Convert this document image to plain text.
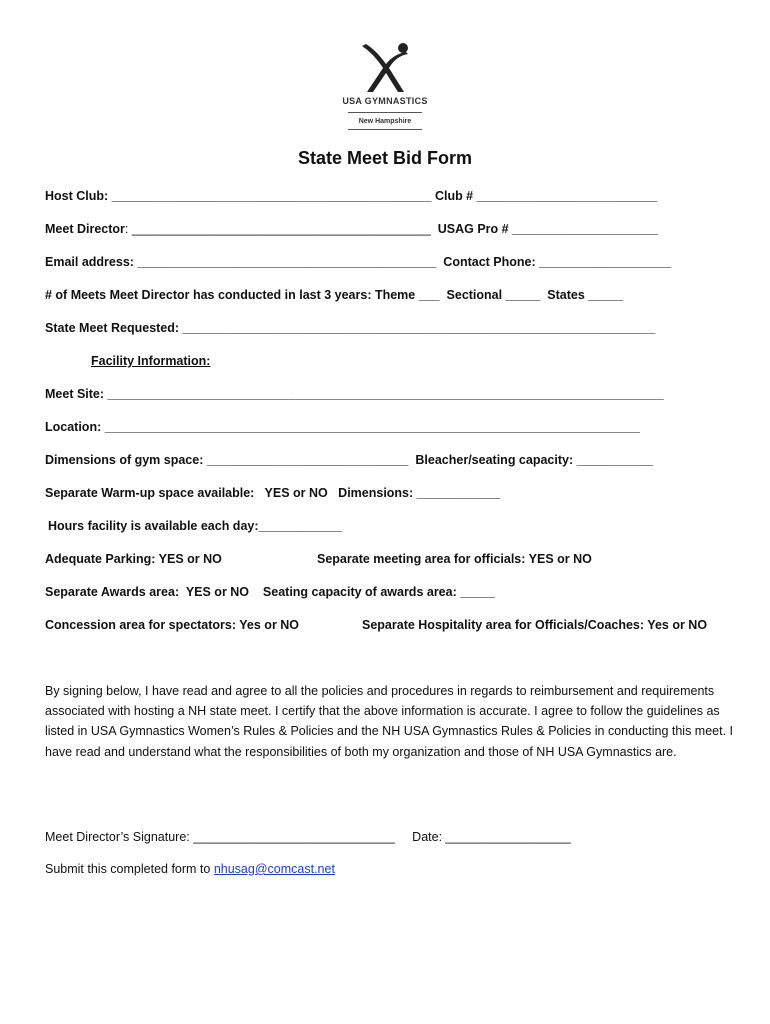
USA GYMNASTICS
New Hampshire
State Meet Bid Form
Host Club: ______________________________________________ Club # __________________________
Meet Director: ___________________________________________ USAG Pro # _____________________
Email address: ___________________________________________ Contact Phone: ___________________
# of Meets Meet Director has conducted in last 3 years: Theme ___  Sectional _____  States _____
State Meet Requested: ____________________________________________________________________
Facility Information:
Meet Site: ________________________________________________________________________________
Location: _____________________________________________________________________________
Dimensions of gym space: _____________________________ Bleacher/seating capacity: ___________
Separate Warm-up space available:   YES or NO   Dimensions: ____________
Hours facility is available each day:____________
Adequate Parking: YES or NO	Separate meeting area for officials: YES or NO
Separate Awards area:  YES or NO    Seating capacity of awards area: _____
Concession area for spectators: Yes or NO	Separate Hospitality area for Officials/Coaches: Yes or NO
By signing below, I have read and agree to all the policies and procedures in regards to reimbursement and requirements associated with hosting a NH state meet. I certify that the above information is accurate. I agree to follow the guidelines as listed in USA Gymnastics Women’s Rules & Policies and the NH USA Gymnastics Rules & Policies in conducting this meet. I have read and understand what the responsibilities of both my organization and those of NH USA Gymnastics are.
Meet Director’s Signature: _____________________________     Date: __________________
Submit this completed form to nhusag@comcast.net
